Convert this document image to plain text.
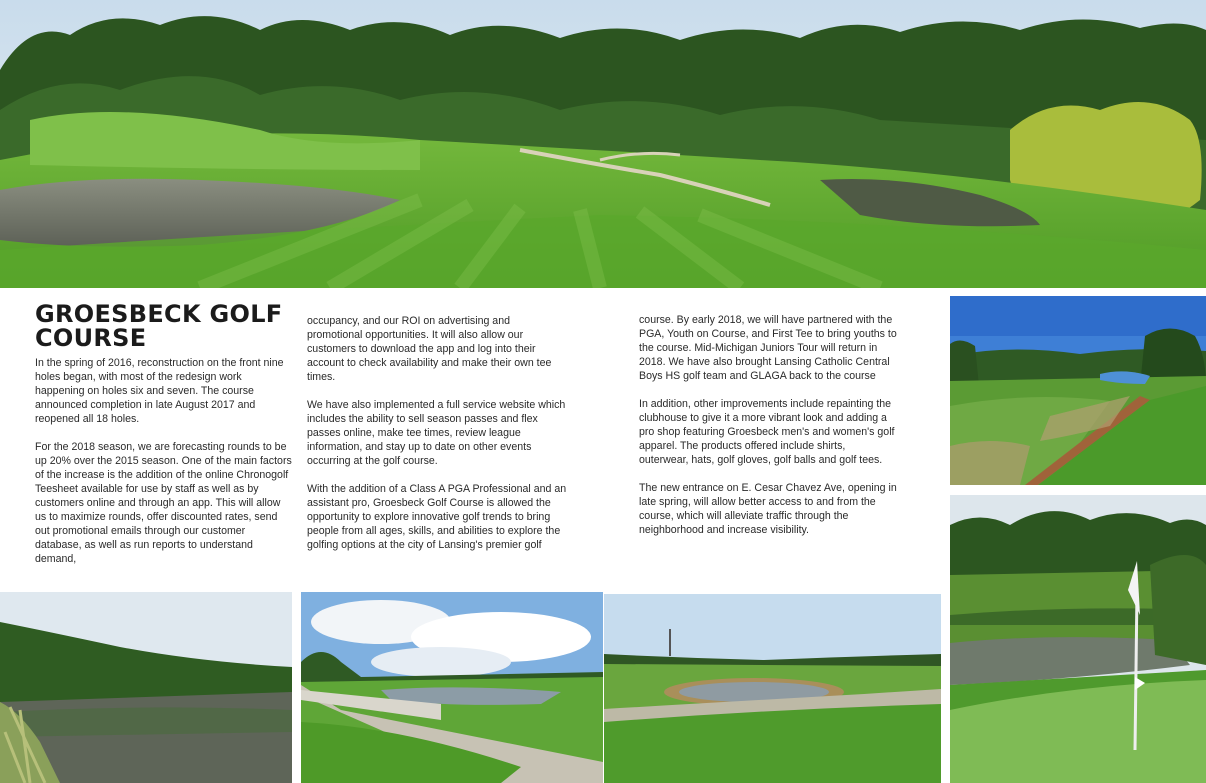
GROESBECK GOLF COURSE

In the spring of 2016, reconstruction on the front nine holes began, with most of the redesign work happening on holes six and seven. The course announced completion in late August 2017 and reopened all 18 holes.

For the 2018 season, we are forecasting rounds to be up 20% over the 2015 season. One of the main factors of the increase is the addition of the online Chronogolf Teesheet available for use by staff as well as by customers online and through an app. This will allow us to maximize rounds, offer discounted rates, send out promotional emails through our customer database, as well as run reports to understand demand,

occupancy, and our ROI on advertising and promotional opportunities. It will also allow our customers to download the app and log into their account to check availability and make their own tee times.

We have also implemented a full service website which includes the ability to sell season passes and flex passes online, make tee times, review league information, and stay up to date on other events occurring at the golf course.

With the addition of a Class A PGA Professional and an assistant pro, Groesbeck Golf Course is allowed the opportunity to explore innovative golf trends to bring people from all ages, skills, and abilities to explore the golfing options at the city of Lansing's premier golf

course. By early 2018, we will have partnered with the PGA, Youth on Course, and First Tee to bring youths to the course. Mid-Michigan Juniors Tour will return in 2018. We have also brought Lansing Catholic Central Boys HS golf team and GLAGA back to the course

In addition, other improvements include repainting the clubhouse to give it a more vibrant look and adding a pro shop featuring Groesbeck men's and women's golf apparel. The products offered include shirts, outerwear, hats, golf gloves, golf balls and golf tees.

The new entrance on E. Cesar Chavez Ave, opening in late spring, will allow better access to and from the course, which will alleviate traffic through the neighborhood and increase visibility.
